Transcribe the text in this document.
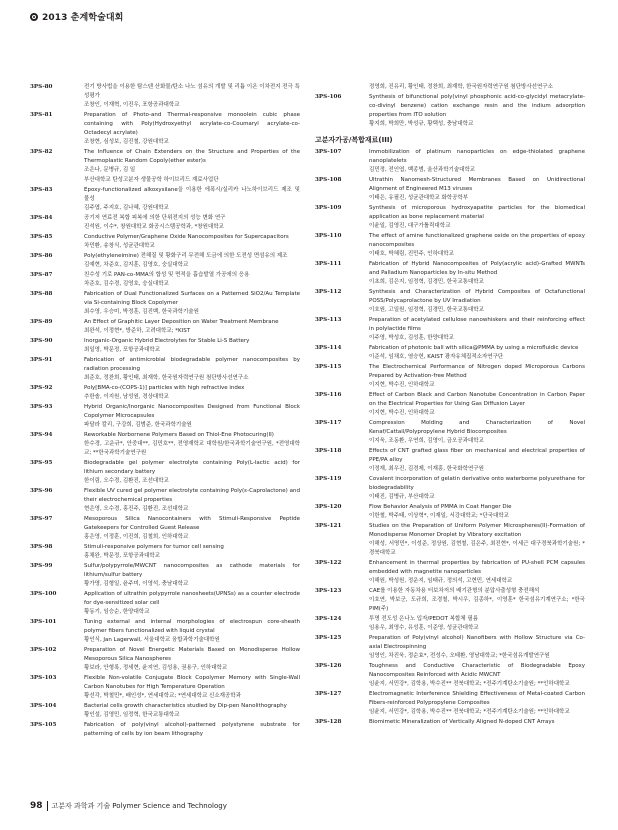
2013 춘계학술대회
3PS-80	전기 방사법을 이용한 탐스텐 산화물/탄소 나노 섬유의 개발 및 리튬 이온 이차전지 전극 특성평가
조창인, 이재혁, 이진우, 포항공과대학교
3PS-81	Preparation of Photo-and Thermal-responsive monoolein cubic phase containing with Poly(Hydroxyethyl acrylate-co-Coumaryl acrylate-co-Octadecyl acrylate)
조창현, 심성보, 김진철, 강원대학교
3PS-82	The Influence of Chain Extenders on the Structure and Properties of the Thermoplastic Random Copoly(ether ester)s
조은나, 문병규, 김 일
부산대학교 탄성고분자 생물공학 하이브리드 재료사업단
3PS-83	Epoxy-functionalized alkoxysilane을 이용한 에폭시/실리카 나노하이브리드 제조 및 물성
김주엽, 주지호, 김나혜, 강원대학교
3PS-84	공기저 연료전 복합 피복에 의한 단위전지의 성능 변화 연구
진석원, 이수*, 창원대학교 화공시스템공학과, *창원대학교
3PS-85	Conductive Polymer/Graphene Oxide Nanocomposites for Supercapacitors
차민환, 송창식, 성균관대학교
3PS-86	Poly(ethyleneimine) 전해질 및 황화구리 무전해 도금에 의한 도전성 면섬유의 제조
김예현, 차준호, 김지훈, 김영호, 숭실대학교
3PS-87	친수성 기로 PAN-co-MMA의 합성 및 면적을 흡습발열 가공에의 응용
차준호, 김수경, 김영호, 숭실대학교
3PS-88	Fabrication of Dual Functionalized Surfaces on a Patterned SiO2/Au Template via Si-containing Block Copolymer
최수영, 우승미, 박정훈, 김진백, 한국과학기술원
3PS-89	An Effect of Graphitic Layer Deposition on Water Treatment Membrane
최완석, 이정현*, 방준하, 고려대학교; *KIST
3PS-90	Inorganic-Organic Hybrid Electrolytes for Stable Li-S Battery
최일영, 박문정, 포항공과대학교
3PS-91	Fabrication of antimicrobial biodegradable polymer nanocomposites by radiation processing
최준호, 정찬희, 황인태, 최재학, 한국원자력연구원 첨단방사선연구소
3PS-92	Poly[BMA-co-(COPS-1)] particles with high refractive index
추한솔, 이지원, 남성원, 경상대학교
3PS-93	Hybrid Organic/Inorganic Nanocomposites Designed from Functional Block Copolymer Microcapsules
파달라 칼리, 구강희, 김범준, 한국과학기술원
3PS-94	Reworkable Norbornene Polymers Based on Thiol-Ene Photocuring(II)
한수경, 고운규*, 안중대**, 김민호**, 전영재학교 대학원/한국과학기술연구원, *전영대학교; **한국과학기술연구원
3PS-95	Biodegradable gel polymer electrolyte containing Poly(L-lactic acid) for lithium secondary battery
한이림, 오수경, 김환진, 조선대학교
3PS-96	Flexible UV cured gel polymer electrolyte containing Poly(ε-Caprolactone) and their electrochemical properties
현은영, 오수경, 홍진주, 김환진, 조선대학교
3PS-97	Mesoporous Silica Nanocontainers with Stimuli-Responsive Peptide Gatekeepers for Controlled Guest Release
홍은영, 이정훈, 이진희, 김철희, 인하대학교
3PS-98	Stimuli-responsive polymers for tumor cell sensing
홍채완, 박문정, 포항공과대학교
3PS-99	Sulfur/polypyrrole/MWCNT nanocomposites as cathode materials for lithium/sulfur battery
황가영, 김형일, 윤주미, 이영석, 충남대학교
3PS-100	Application of ultrathin polypyrrole nanosheets(UPNSs) as a counter electrode for dye-sensitized solar cell
황동기, 임승순, 한양대학교
3PS-101	Tuning external and internal morphologies of electrospun core-sheath polymer fibers functionalized with liquid crystal
황인식, Jan Lagerwall, 서울대학교 융합과학기술대학원
3PS-102	Preparation of Novel Energetic Materials Based on Monodisperse Hollow Mesoporous Silica Nanospheres
황보라, 안형록, 정세현, 윤지연, 김성용, 권용구, 인하대학교
3PS-103	Flexible Non-volatile Conjugate Block Copolymer Memory with Single-Wall Carbon Nanotubes for High Temperature Operation
황선각, 박철민*, 배인성*, 연세대학교; *연세대학교 신소재공학과
3PS-104	Bacterial cells growth characteristics studied by Dip-pen Nanolithography
황인설, 김영민, 임정혁, 한국교통대학교
3PS-105	Fabrication of poly(vinyl alcohol)-patterned polystyrene substrate for patterning of cells by ion beam lithography
정영희, 진유리, 황인태, 정찬희, 최재학, 한국원자력연구원 첨단방사선연구소
3PS-106	Synthesis of bifunctional poly(vinyl phosphonic acid-co-glycidyl metacrylate-co-divinyl benzene) cation exchange resin and the indium adsorption properties from ITO solution
황지희, 박희만, 박성규, 황택성, 충남대학교
고분자가공/복합재료(III)
3PS-107	Immobilization of platinum nanoparticles on edge-thiolated graphene nanoplatelets
김민정, 전인엽, 백종범, 울산과학기술대학교
3PS-108	Ultrathin Nanomesh-Structured Membranes Based on Unidirectional Alignment of Engineered M13 viruses
이태은, 유필진, 성균관대학교 화학공학부
3PS-109	Synthesis of microporous hydroxyapatite particles for the biomedical application as bone replacement material
이윤일, 김영진, 대구가톨릭대학교
3PS-110	The effect of amine functionalized graphene oxide on the properties of epoxy nanocomposites
이태호, 박혜림, 진민주, 인하대학교
3PS-111	Fabrication of Hybrid Nanocomposites of Poly(acrylic acid)-Grafted MWNTs and Palladium Nanoparticles by In-situ Method
이초희, 김은지, 임정혁, 김경민, 한국교통대학교
3PS-112	Synthesis and Characterization of Hybrid Composites of Octafunctional POSS/Polycaprolactone by UV Irradiation
이호원, 고일원, 임정혁, 김경민, 한국교통대학교
3PS-113	Preparation of acetylated cellulose nanowhiskers and their reinforcing effect in polylactide films
이주영, 박성호, 김성훈, 한양대학교
3PS-114	Fabrication of photonic ball with silica@PMMA by using a microfluidic device
이준석, 임채호, 염승헌, KAIST 광자유체집적소자연구단
3PS-115	The Electrochemical Performance of Nitrogen doped Microporous Carbons Prepared by Activation-free Method
이지현, 박수진, 인하대학교
3PS-116	Effect of Carbon Black and Carbon Nanotube Concentration in Carbon Paper on the Electrical Properties for Using Gas Diffusion Layer
이지현, 박수진, 인하대학교
3PS-117	Compression Molding and Characterization of Novel Kenaf/Cattail/Polypropylene Hybrid Biocomposites
이지욱, 조동환, 우연희, 김영이, 금오공과대학교
3PS-118	Effects of CNT grafted glass fiber on mechanical and electrical properties of PPE/PA alloy
이정재, 최우진, 김경제, 이재흥, 한국화학연구원
3PS-119	Covalent incorporation of gelatin derivative onto waterborne polyurethane for biodegradability
이태진, 김병규, 부산대학교
3PS-120	Flow Behavior Analysis of PMMA in Coat Hanger Die
이한철, 박주태, 이상혁*, 이재일, 서강대학교; *단국대학교
3PS-121	Studies on the Preparation of Uniform Polymer Microspheres(II)-Formation of Monodisperse Monomer Droplet by Vibratory excitation
이해성, 서명민*, 이성준, 정상원, 김현철, 김은주, 최진현*, 이세근 대구경북과학기술원; *경북대학교
3PS-122	Enhancement in thermal properties by fabrication of PU-shell PCM capsules embedded with magnetite nanoparticles
이해원, 박성원, 정운지, 임태규, 정의석, 고현민, 연세대학교
3PS-123	CAE를 이용한 자동차용 터보차저의 배기관형의 분압사출성형 충전해석
이호연, 박보군, 도규희, 조경철, 박시우, 김종하*, 이영훈* 한국섬유기계연구소; *한국PIM(주)
3PS-124	투명 전도성 은나노 입자/PEDOT 복합체 필름
임용우, 최영수, 유성훈, 이준영, 성균관대학교
3PS-125	Preparation of Poly(vinyl alcohol) Nanofibers with Hollow Structure via Co-axial Electrospinning
임영인, 차진욱, 정순효*, 전성수, 오태환, 영남대학교; *한국섬유개발연구원
3PS-126	Toughness and Conductive Characteristic of Biodegradable Epoxy Nanocomposites Reinforced with Acidic MWCNT
임윤지, 서민강*, 김학용, 박수진** 전북대학교; *전주기계탄소기술원; **인하대학교
3PS-127	Electromagnetic Interference Shielding Effectiveness of Metal-coated Carbon Fibers-reinforced Polypropylene Composites
임윤지, 서민강*, 김학용, 박수진** 전북대학교; *전주기계탄소기술원; **인하대학교
3PS-128	Biomimetic Mineralization of Vertically Aligned N-doped CNT Arrays
98 고분자 과학과 기술 Polymer Science and Technology
